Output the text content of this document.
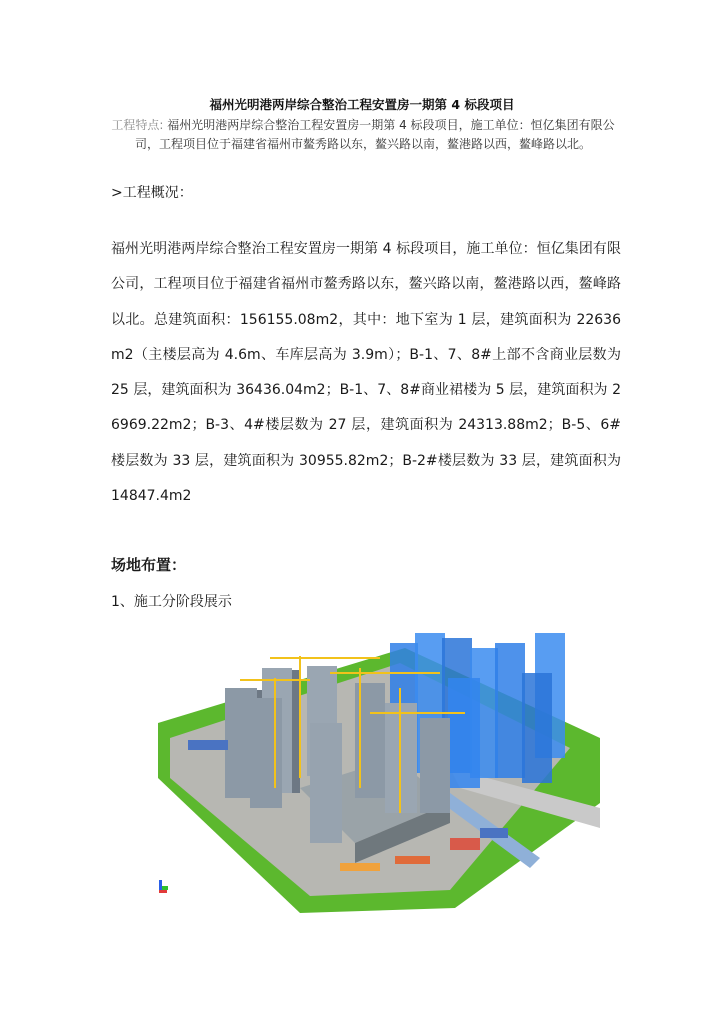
福州光明港两岸综合整治工程安置房一期第 4 标段项目
工程特点: 福州光明港两岸综合整治工程安置房一期第 4 标段项目，施工单位：恒亿集团有限公司，工程项目位于福建省福州市鳌秀路以东，鳌兴路以南，鳌港路以西，鳌峰路以北。
>工程概况：
福州光明港两岸综合整治工程安置房一期第 4 标段项目，施工单位：恒亿集团有限公司，工程项目位于福建省福州市鳌秀路以东，鳌兴路以南，鳌港路以西，鳌峰路以北。总建筑面积：156155.08m2，其中：地下室为 1 层，建筑面积为 22636m2（主楼层高为 4.6m、车库层高为 3.9m）；B-1、7、8#上部不含商业层数为 25 层，建筑面积为 36436.04m2；B-1、7、8#商业裙楼为 5 层，建筑面积为 26969.22m2；B-3、4#楼层数为 27 层，建筑面积为 24313.88m2；B-5、6#楼层数为 33 层，建筑面积为 30955.82m2；B-2#楼层数为 33 层，建筑面积为 14847.4m2
场地布置：
1、施工分阶段展示
